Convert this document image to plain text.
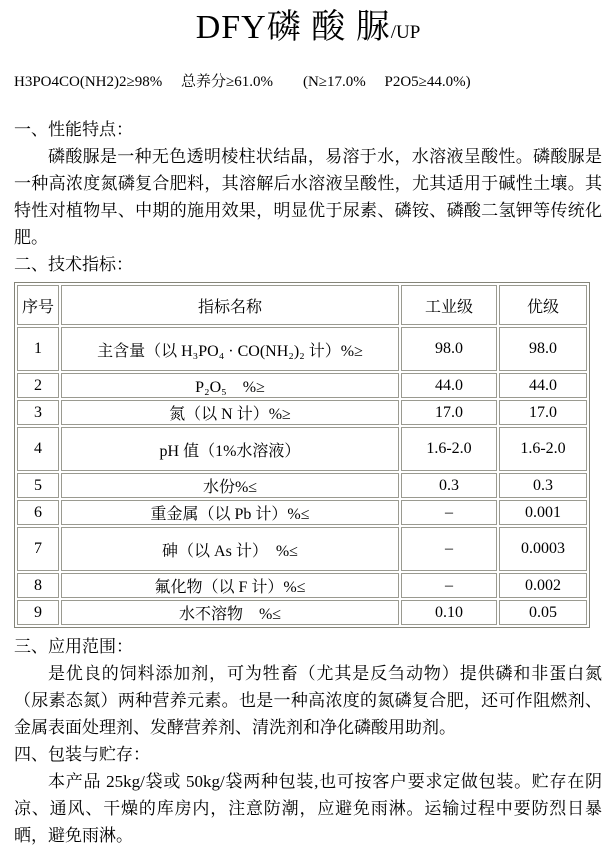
DFY磷 酸 脲/UP

H3PO4CO(NH2)2≥98%　 总养分≥61.0%　　(N≥17.0%　 P2O5≥44.0%)

一、性能特点：

磷酸脲是一种无色透明棱柱状结晶，易溶于水，水溶液呈酸性。磷酸脲是一种高浓度氮磷复合肥料，其溶解后水溶液呈酸性，尤其适用于碱性土壤。其特性对植物早、中期的施用效果，明显优于尿素、磷铵、磷酸二氢钾等传统化肥。

二、技术指标：

序号	指标名称	工业级	优级
1	主含量（以 H₃PO₄ · CO(NH₂)₂ 计）%≥	98.0	98.0
2	P₂O₅　%≥	44.0	44.0
3	氮（以 N 计）%≥	17.0	17.0
4	pH 值（1%水溶液）	1.6-2.0	1.6-2.0
5	水份%≤	0.3	0.3
6	重金属（以 Pb 计）%≤	–	0.001
7	砷（以 As 计）　%≤	–	0.0003
8	氟化物（以 F 计）%≤	–	0.002
9	水不溶物　%≤	0.10	0.05

三、应用范围：

是优良的饲料添加剂，可为牲畜（尤其是反刍动物）提供磷和非蛋白氮（尿素态氮）两种营养元素。也是一种高浓度的氮磷复合肥，还可作阻燃剂、金属表面处理剂、发酵营养剂、清洗剂和净化磷酸用助剂。

四、包装与贮存：

本产品 25kg/袋或 50kg/袋两种包装,也可按客户要求定做包装。贮存在阴凉、通风、干燥的库房内，注意防潮，应避免雨淋。运输过程中要防烈日暴晒，避免雨淋。
